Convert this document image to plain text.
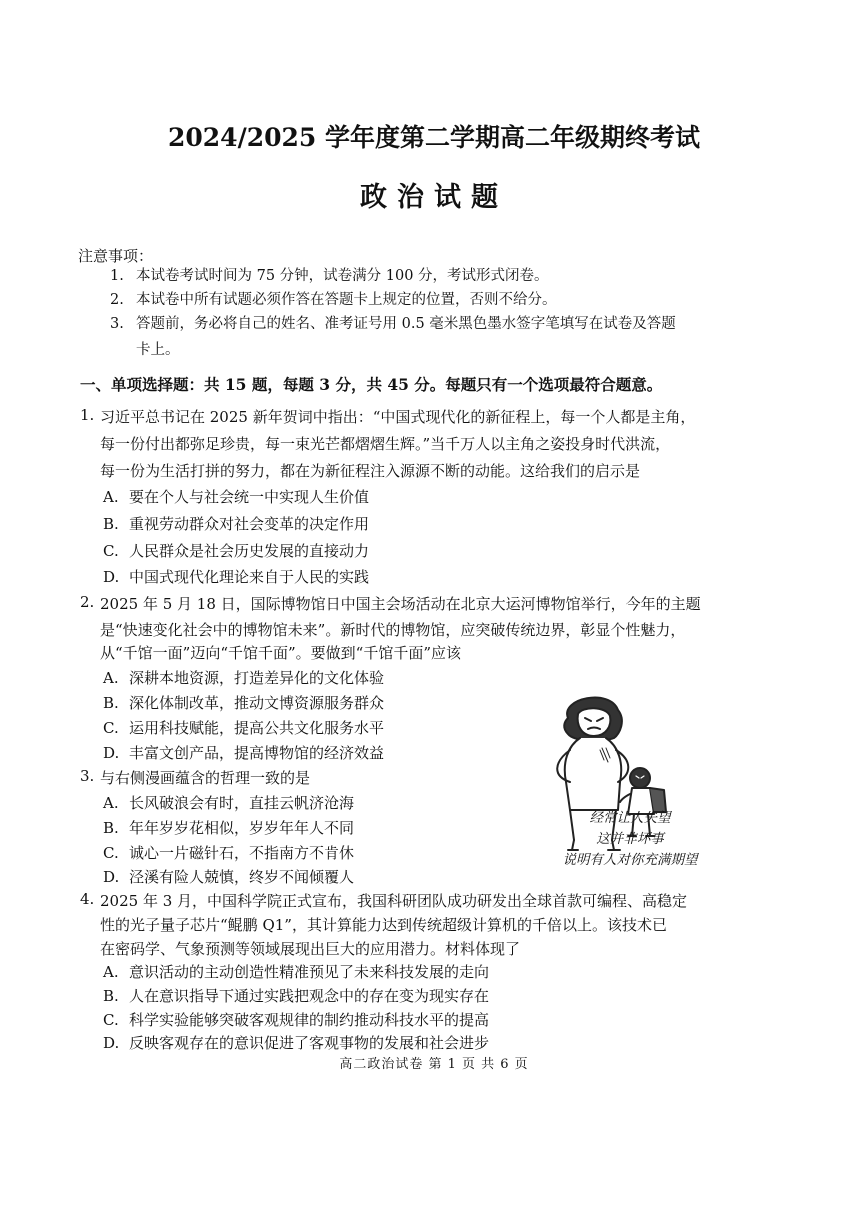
2024/2025 学年度第二学期高二年级期终考试
政治试题
注意事项：
1. 本试卷考试时间为 75 分钟，试卷满分 100 分，考试形式闭卷。
2. 本试卷中所有试题必须作答在答题卡上规定的位置，否则不给分。
3. 答题前，务必将自己的姓名、准考证号用 0.5 毫米黑色墨水签字笔填写在试卷及答题
卡上。
一、单项选择题：共 15 题，每题 3 分，共 45 分。每题只有一个选项最符合题意。
1. 习近平总书记在 2025 新年贺词中指出：“中国式现代化的新征程上，每一个人都是主角，
每一份付出都弥足珍贵，每一束光芒都熠熠生辉。”当千万人以主角之姿投身时代洪流，
每一份为生活打拼的努力，都在为新征程注入源源不断的动能。这给我们的启示是
A. 要在个人与社会统一中实现人生价值
B. 重视劳动群众对社会变革的决定作用
C. 人民群众是社会历史发展的直接动力
D. 中国式现代化理论来自于人民的实践
2. 2025 年 5 月 18 日，国际博物馆日中国主会场活动在北京大运河博物馆举行，今年的主题
是“快速变化社会中的博物馆未来”。新时代的博物馆，应突破传统边界，彰显个性魅力，
从“千馆一面”迈向“千馆千面”。要做到“千馆千面”应该
A. 深耕本地资源，打造差异化的文化体验
B. 深化体制改革，推动文博资源服务群众
C. 运用科技赋能，提高公共文化服务水平
D. 丰富文创产品，提高博物馆的经济效益
3. 与右侧漫画蕴含的哲理一致的是
A. 长风破浪会有时，直挂云帆济沧海
B. 年年岁岁花相似，岁岁年年人不同
C. 诚心一片磁针石，不指南方不肯休
D. 泾溪有险人兢慎，终岁不闻倾覆人
经常让人失望
这并非坏事
说明有人对你充满期望
4. 2025 年 3 月，中国科学院正式宣布，我国科研团队成功研发出全球首款可编程、高稳定
性的光子量子芯片“鲲鹏 Q1”，其计算能力达到传统超级计算机的千倍以上。该技术已
在密码学、气象预测等领域展现出巨大的应用潜力。材料体现了
A. 意识活动的主动创造性精准预见了未来科技发展的走向
B. 人在意识指导下通过实践把观念中的存在变为现实存在
C. 科学实验能够突破客观规律的制约推动科技水平的提高
D. 反映客观存在的意识促进了客观事物的发展和社会进步
高二政治试卷 第 1 页 共 6 页
